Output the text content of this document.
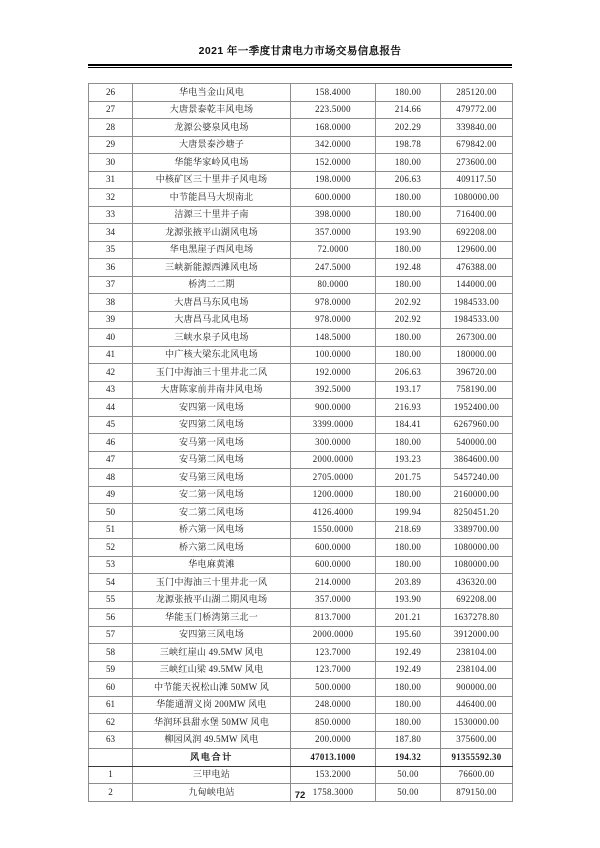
2021 年一季度甘肃电力市场交易信息报告
26	华电当金山风电	158.4000	180.00	285120.00
27	大唐景泰乾丰风电场	223.5000	214.66	479772.00
28	龙源公婆泉风电场	168.0000	202.29	339840.00
29	大唐景泰沙塘子	342.0000	198.78	679842.00
30	华能华家岭风电场	152.0000	180.00	273600.00
31	中核矿区三十里井子风电场	198.0000	206.63	409117.50
32	中节能昌马大坝南北	600.0000	180.00	1080000.00
33	洁源三十里井子南	398.0000	180.00	716400.00
34	龙源张掖平山湖风电场	357.0000	193.90	692208.00
35	华电黑崖子西风电场	72.0000	180.00	129600.00
36	三峡新能源西滩风电场	247.5000	192.48	476388.00
37	桥湾二二期	80.0000	180.00	144000.00
38	大唐昌马东风电场	978.0000	202.92	1984533.00
39	大唐昌马北风电场	978.0000	202.92	1984533.00
40	三峡水泉子风电场	148.5000	180.00	267300.00
41	中广核大梁东北风电场	100.0000	180.00	180000.00
42	玉门中海油三十里井北二风	192.0000	206.63	396720.00
43	大唐陈家前井南井风电场	392.5000	193.17	758190.00
44	安四第一风电场	900.0000	216.93	1952400.00
45	安四第二风电场	3399.0000	184.41	6267960.00
46	安马第一风电场	300.0000	180.00	540000.00
47	安马第二风电场	2000.0000	193.23	3864600.00
48	安马第三风电场	2705.0000	201.75	5457240.00
49	安二第一风电场	1200.0000	180.00	2160000.00
50	安二第二风电场	4126.4000	199.94	8250451.20
51	桥六第一风电场	1550.0000	218.69	3389700.00
52	桥六第二风电场	600.0000	180.00	1080000.00
53	华电麻黄滩	600.0000	180.00	1080000.00
54	玉门中海油三十里井北一风	214.0000	203.89	436320.00
55	龙源张掖平山湖二期风电场	357.0000	193.90	692208.00
56	华能玉门桥湾第三北一	813.7000	201.21	1637278.80
57	安四第三风电场	2000.0000	195.60	3912000.00
58	三峡红崖山 49.5MW 风电	123.7000	192.49	238104.00
59	三峡红山梁 49.5MW 风电	123.7000	192.49	238104.00
60	中节能天祝松山滩 50MW 风	500.0000	180.00	900000.00
61	华能通渭义岗 200MW 风电	248.0000	180.00	446400.00
62	华润环县甜水堡 50MW 风电	850.0000	180.00	1530000.00
63	柳园风润 49.5MW 风电	200.0000	187.80	375600.00
	风电合计	47013.1000	194.32	91355592.30
1	三甲电站	153.2000	50.00	76600.00
2	九甸峡电站	1758.3000	50.00	879150.00
72
